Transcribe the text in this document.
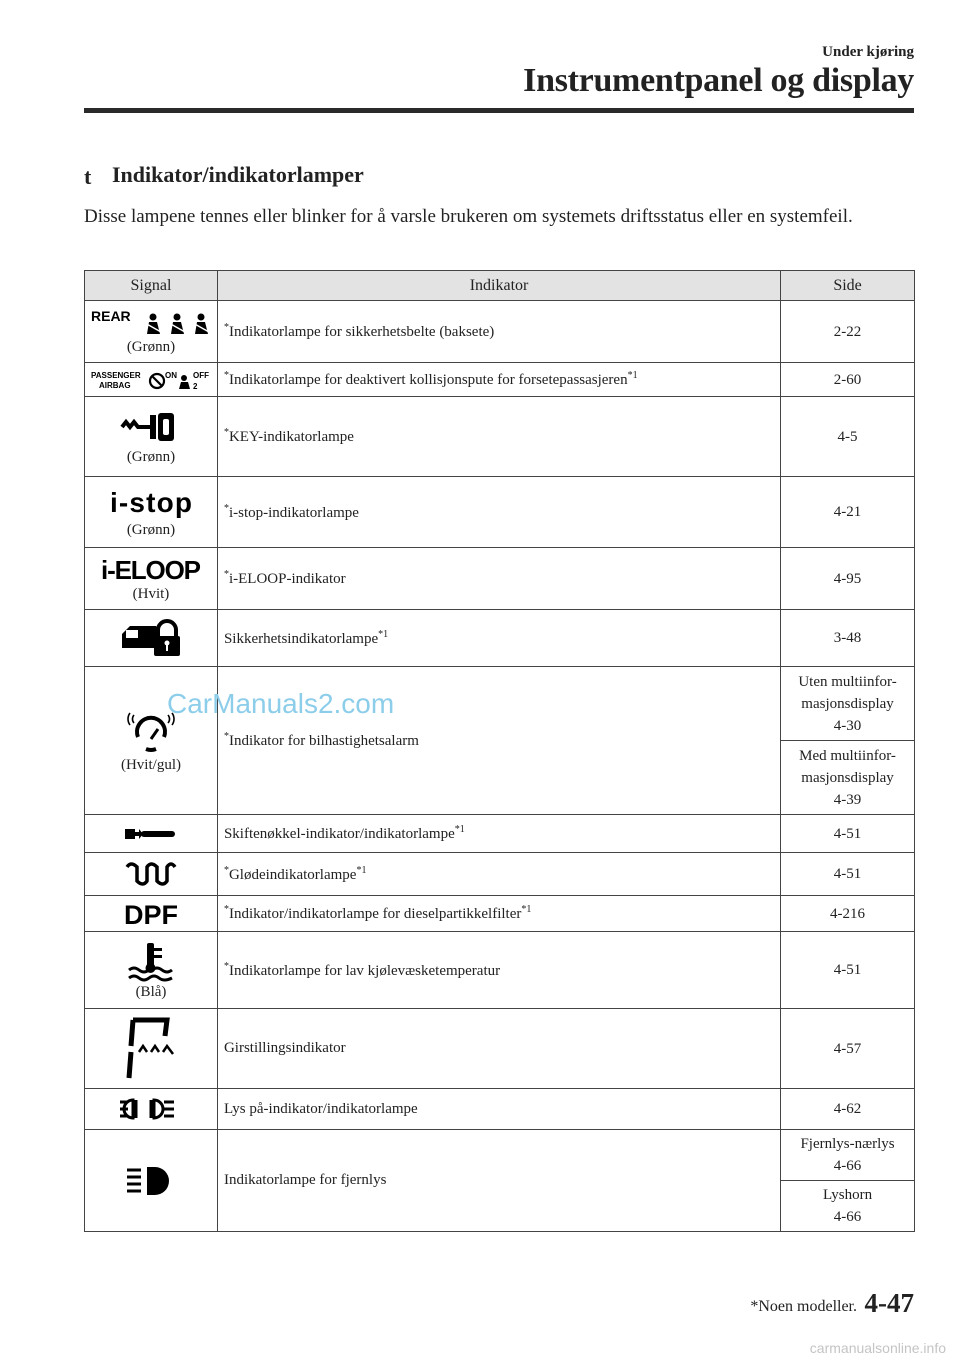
Under kjøring
Instrumentpanel og display
t Indikator/indikatorlamper
Disse lampene tennes eller blinker for å varsle brukeren om systemets driftsstatus eller en systemfeil.
Signal	Indikator	Side

REAR
(Grønn)	*Indikatorlampe for sikkerhetsbelte (baksete)	2-22

PASSENGER
AIRBAG
ON OFF
2	*Indikatorlampe for deaktivert kollisjonspute for forsetepassasjeren$^{*1}$	2-60

(Grønn)	*KEY-indikatorlampe	4-5

i-stop
(Grønn)	*i-stop-indikatorlampe	4-21

i-ELOOP
(Hvit)	*i-ELOOP-indikator	4-95

	Sikkerhetsindikatorlampe$^{*1}$	3-48

(Hvit/gul)	*Indikator for bilhastighetsalarm	Uten multiinfor-
masjonsdisplay
4-30

		Med multiinfor-
masjonsdisplay
4-39

	Skiftenøkkel-indikator/indikatorlampe$^{*1}$	4-51

	*Glødeindikatorlampe$^{*1}$	4-51

DPF	*Indikator/indikatorlampe for dieselpartikkelfilter$^{*1}$	4-216

(Blå)	*Indikatorlampe for lav kjølevæsketemperatur	4-51

	Girstillingsindikator	4-57

	Lys på-indikator/indikatorlampe	4-62

	Indikatorlampe for fjernlys	Fjernlys-nærlys
4-66

		Lyshorn
4-66
CarManuals2.com
*Noen modeller. 4-47
carmanualsonline.info
